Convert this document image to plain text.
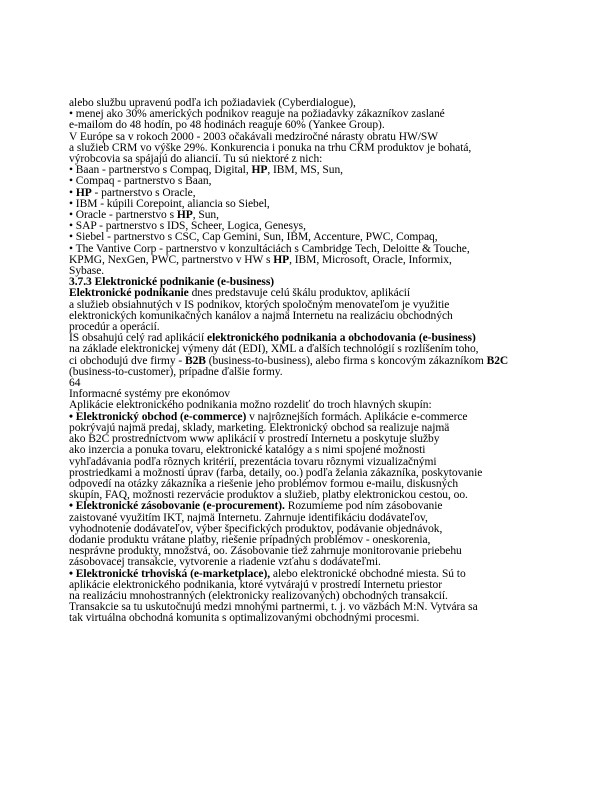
alebo službu upravenú podľa ich požiadaviek (Cyberdialogue),
• menej ako 30% amerických podnikov reaguje na požiadavky zákazníkov zaslané
e-mailom do 48 hodín, po 48 hodinách reaguje 60% (Yankee Group).
V Európe sa v rokoch 2000 - 2003 očakávali medziročné nárasty obratu HW/SW
a služieb CRM vo výške 29%. Konkurencia i ponuka na trhu CRM produktov je bohatá,
výrobcovia sa spájajú do aliancií. Tu sú niektoré z nich:
• Baan - partnerstvo s Compaq, Digital, HP, IBM, MS, Sun,
• Compaq - partnerstvo s Baan,
• HP - partnerstvo s Oracle,
• IBM - kúpili Corepoint, aliancia so Siebel,
• Oracle - partnerstvo s HP, Sun,
• SAP - partnerstvo s IDS, Scheer, Logica, Genesys,
• Siebel - partnerstvo s CSC, Cap Gemini, Sun, IBM, Accenture, PWC, Compaq,
• The Vantive Corp - partnerstvo v konzultáciách s Cambridge Tech, Deloitte & Touche,
KPMG, NexGen, PWC, partnerstvo v HW s HP, IBM, Microsoft, Oracle, Informix,
Sybase.
3.7.3 Elektronické podnikanie (e-business)
Elektronické podnikanie dnes predstavuje celú škálu produktov, aplikácií
a služieb obsiahnutých v IS podnikov, ktorých spoločným menovateľom je využitie
elektronických komunikačných kanálov a najmä Internetu na realizáciu obchodných
procedúr a operácií.
IS obsahujú celý rad aplikácií elektronického podnikania a obchodovania (e-business)
na základe elektronickej výmeny dát (EDI), XML a ďalších technológií s rozlíšením toho,
ci obchodujú dve firmy - B2B (business-to-business), alebo firma s koncovým zákazníkom B2C
(business-to-customer), prípadne ďalšie formy.
64
Informacné systémy pre ekonómov
Aplikácie elektronického podnikania možno rozdeliť do troch hlavných skupín:
• Elektronický obchod (e-commerce) v najrôznejších formách. Aplikácie e-commerce
pokrývajú najmä predaj, sklady, marketing. Elektronický obchod sa realizuje najmä
ako B2C prostredníctvom www aplikácií v prostredí Internetu a poskytuje služby
ako inzercia a ponuka tovaru, elektronické katalógy a s nimi spojené možnosti
vyhľadávania podľa rôznych kritérií, prezentácia tovaru rôznymi vizualizačnými
prostriedkami a možnosti úprav (farba, detaily, oo.) podľa želania zákazníka, poskytovanie
odpovedí na otázky zákazníka a riešenie jeho problémov formou e-mailu, diskusných
skupín, FAQ, možnosti rezervácie produktov a služieb, platby elektronickou cestou, oo.
• Elektronické zásobovanie (e-procurement). Rozumieme pod ním zásobovanie
zaistované využitím IKT, najmä Internetu. Zahrnuje identifikáciu dodávateľov,
vyhodnotenie dodávateľov, výber špecifických produktov, podávanie objednávok,
dodanie produktu vrátane platby, riešenie prípadných problémov - oneskorenia,
nesprávne produkty, množstvá, oo. Zásobovanie tiež zahrnuje monitorovanie priebehu
zásobovacej transakcie, vytvorenie a riadenie vzťahu s dodávateľmi.
• Elektronické trhoviská (e-marketplace), alebo elektronické obchodné miesta. Sú to
aplikácie elektronického podnikania, ktoré vytvárajú v prostredí Internetu priestor
na realizáciu mnohostranných (elektronicky realizovaných) obchodných transakcií.
Transakcie sa tu uskutočnujú medzi mnohými partnermi, t. j. vo väzbách M:N. Vytvára sa
tak virtuálna obchodná komunita s optimalizovanými obchodnými procesmi.
